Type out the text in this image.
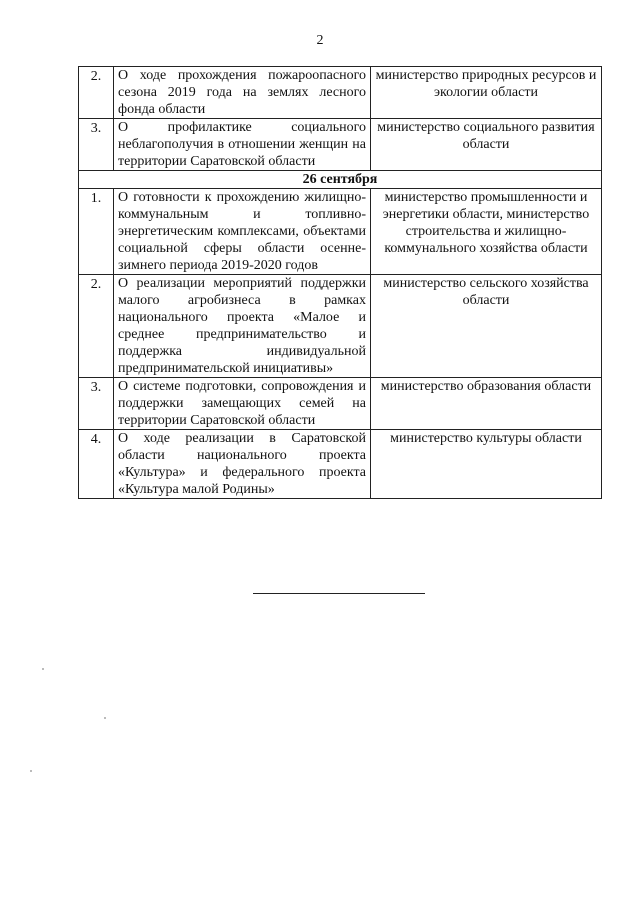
2
2.	О ходе прохождения пожароопасного сезона 2019 года на землях лесного фонда области	министерство природных ресурсов и экологии области
3.	О профилактике социального неблагополучия в отношении женщин на территории Саратовской области	министерство социального развития области
26 сентября		
1.	О готовности к прохождению жилищно-коммунальным и топливно-энергетическим комплексами, объектами социальной сферы области осенне-зимнего периода 2019-2020 годов	министерство промышленности и энергетики области, министерство строительства и жилищно-коммунального хозяйства области
2.	О реализации мероприятий поддержки малого агробизнеса в рамках национального проекта «Малое и среднее предпринимательство и поддержка индивидуальной предпринимательской инициативы»	министерство сельского хозяйства области
3.	О системе подготовки, сопровождения и поддержки замещающих семей на территории Саратовской области	министерство образования области
4.	О ходе реализации в Саратовской области национального проекта «Культура» и федерального проекта «Культура малой Родины»	министерство культуры области
